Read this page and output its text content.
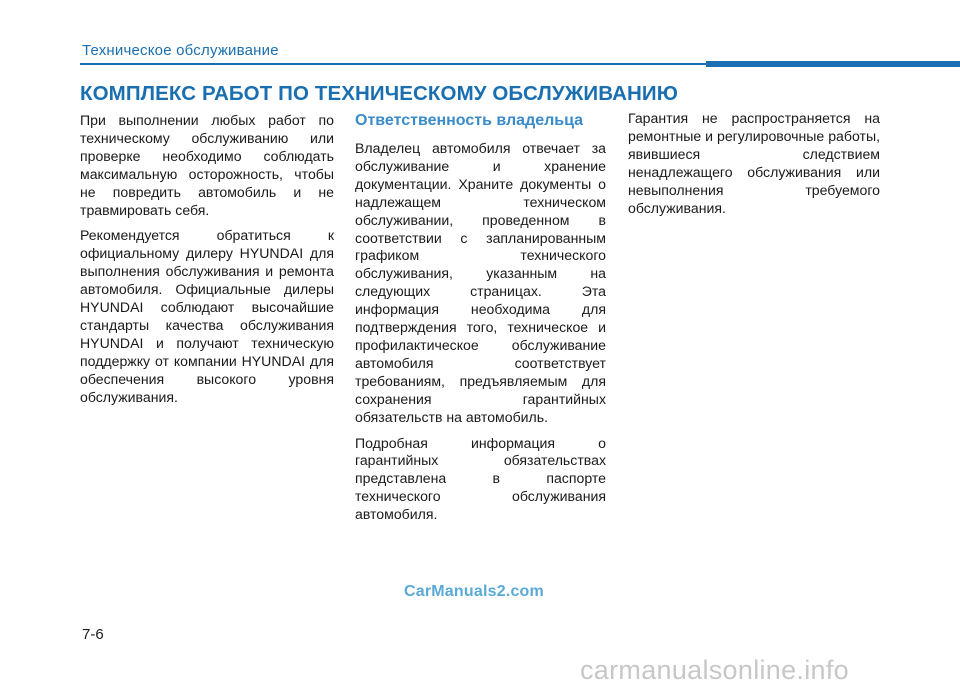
Техническое обслуживание
КОМПЛЕКС РАБОТ ПО ТЕХНИЧЕСКОМУ ОБСЛУЖИВАНИЮ

При выполнении любых работ по техническому обслуживанию или проверке необходимо соблюдать максимальную осторожность, чтобы не повредить автомобиль и не травмировать себя.

Рекомендуется обратиться к официальному дилеру HYUNDAI для выполнения обслуживания и ремонта автомобиля. Официальные дилеры HYUNDAI соблюдают высочайшие стандарты качества обслуживания HYUNDAI и получают техническую поддержку от компании HYUNDAI для обеспечения высокого уровня обслуживания.

Ответственность владельца

Владелец автомобиля отвечает за обслуживание и хранение документации. Храните документы о надлежащем техническом обслуживании, проведенном в соответствии с запланированным графиком технического обслуживания, указанным на следующих страницах. Эта информация необходима для подтверждения того, техническое и профилактическое обслуживание автомобиля соответствует требованиям, предъявляемым для сохранения гарантийных обязательств на автомобиль.

Подробная информация о гарантийных обязательствах представлена в паспорте технического обслуживания автомобиля.

Гарантия не распространяется на ремонтные и регулировочные работы, явившиеся следствием ненадлежащего обслуживания или невыполнения требуемого обслуживания.

CarManuals2.com
7-6
carmanualsonline.info
